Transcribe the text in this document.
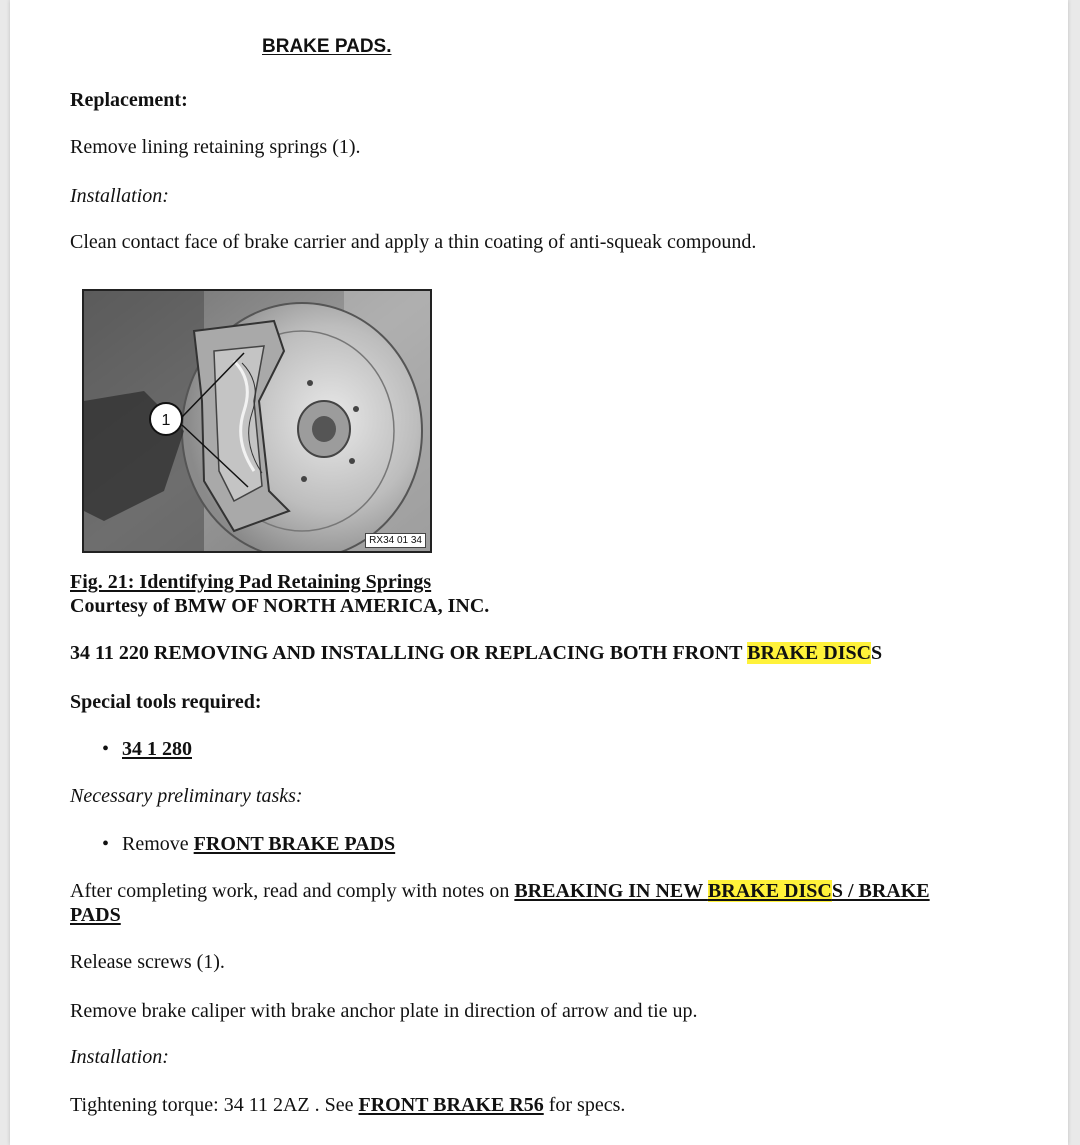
BRAKE PADS.
Replacement:
Remove lining retaining springs (1).
Installation:
Clean contact face of brake carrier and apply a thin coating of anti-squeak compound.
1
RX34 01 34
Fig. 21: Identifying Pad Retaining Springs
Courtesy of BMW OF NORTH AMERICA, INC.
34 11 220 REMOVING AND INSTALLING OR REPLACING BOTH FRONT BRAKE DISCS
Special tools required:
• 34 1 280
Necessary preliminary tasks:
• Remove FRONT BRAKE PADS
After completing work, read and comply with notes on BREAKING IN NEW BRAKE DISCS / BRAKE
PADS
Release screws (1).
Remove brake caliper with brake anchor plate in direction of arrow and tie up.
Installation:
Tightening torque: 34 11 2AZ . See FRONT BRAKE R56 for specs.
